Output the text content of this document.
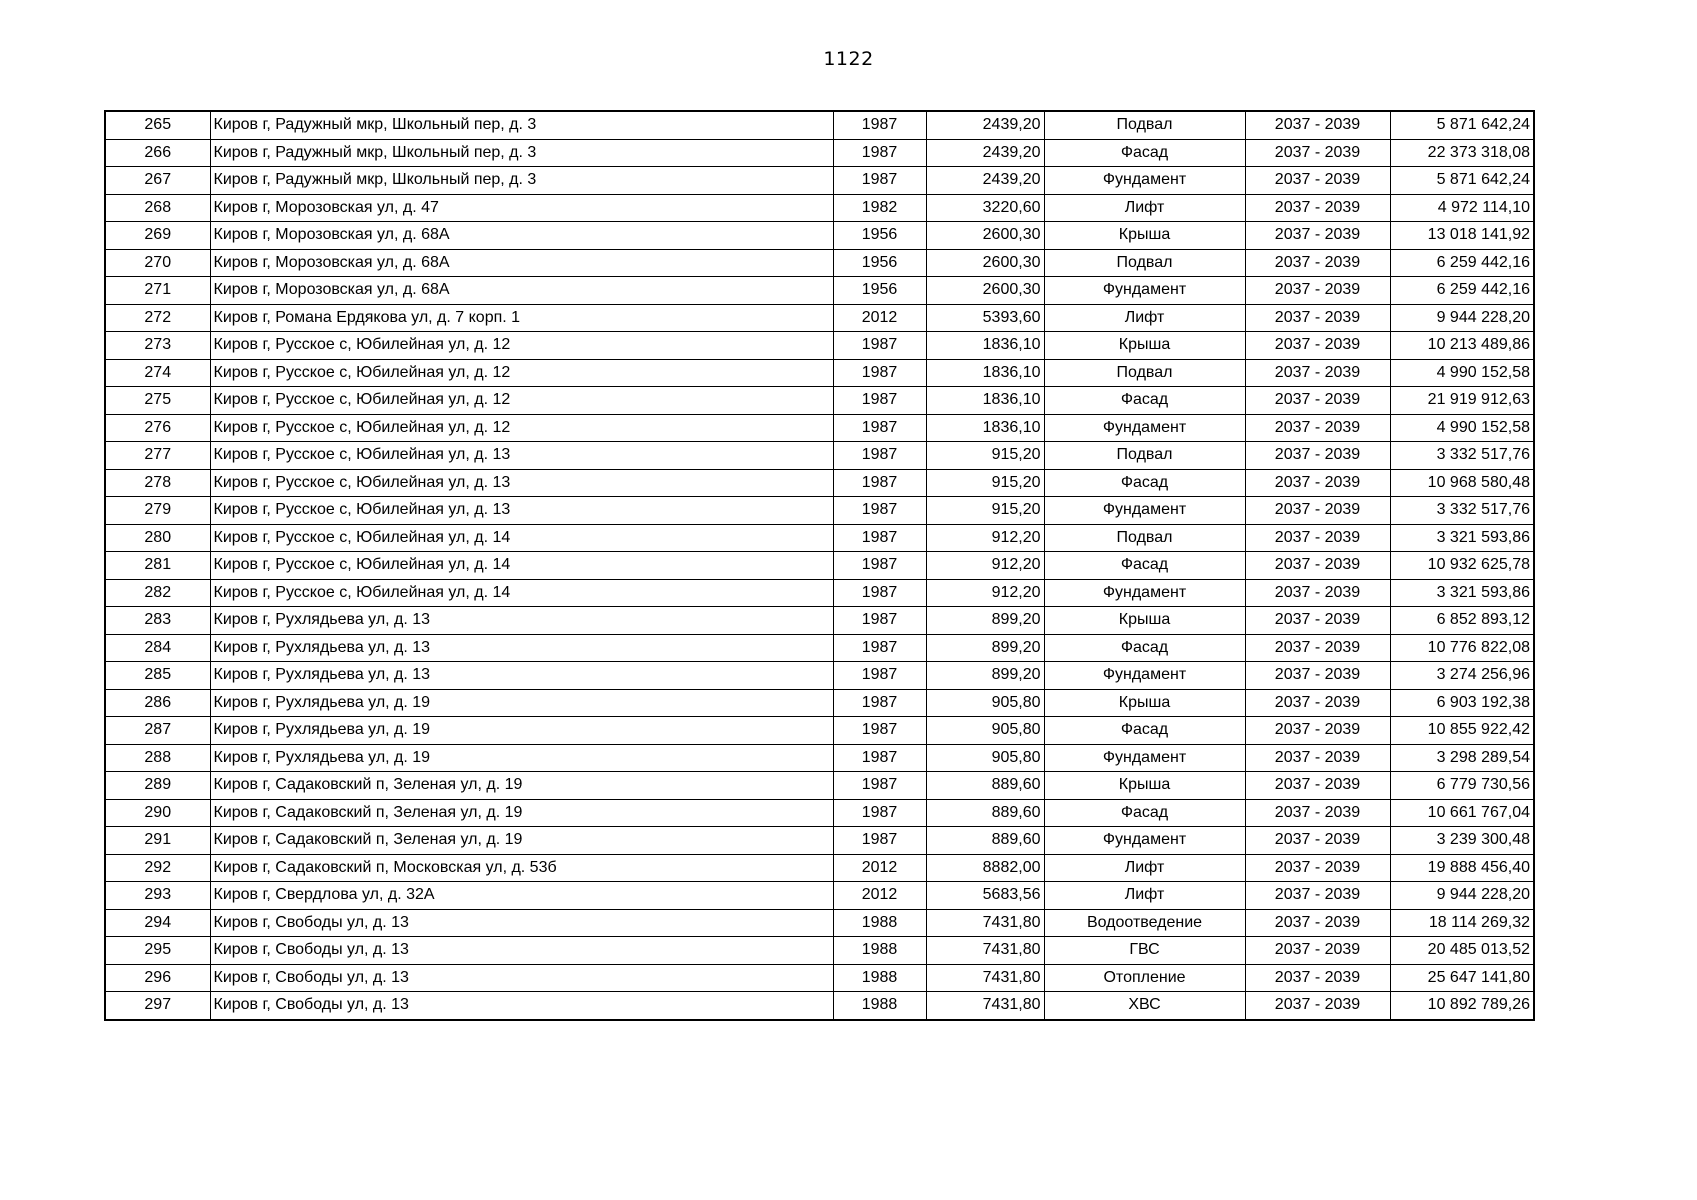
1122
265	Киров г, Радужный мкр, Школьный пер, д. 3	1987	2439,20	Подвал	2037 - 2039	5 871 642,24
266	Киров г, Радужный мкр, Школьный пер, д. 3	1987	2439,20	Фасад	2037 - 2039	22 373 318,08
267	Киров г, Радужный мкр, Школьный пер, д. 3	1987	2439,20	Фундамент	2037 - 2039	5 871 642,24
268	Киров г, Морозовская ул, д. 47	1982	3220,60	Лифт	2037 - 2039	4 972 114,10
269	Киров г, Морозовская ул, д. 68А	1956	2600,30	Крыша	2037 - 2039	13 018 141,92
270	Киров г, Морозовская ул, д. 68А	1956	2600,30	Подвал	2037 - 2039	6 259 442,16
271	Киров г, Морозовская ул, д. 68А	1956	2600,30	Фундамент	2037 - 2039	6 259 442,16
272	Киров г, Романа Ердякова ул, д. 7 корп. 1	2012	5393,60	Лифт	2037 - 2039	9 944 228,20
273	Киров г, Русское с, Юбилейная ул, д. 12	1987	1836,10	Крыша	2037 - 2039	10 213 489,86
274	Киров г, Русское с, Юбилейная ул, д. 12	1987	1836,10	Подвал	2037 - 2039	4 990 152,58
275	Киров г, Русское с, Юбилейная ул, д. 12	1987	1836,10	Фасад	2037 - 2039	21 919 912,63
276	Киров г, Русское с, Юбилейная ул, д. 12	1987	1836,10	Фундамент	2037 - 2039	4 990 152,58
277	Киров г, Русское с, Юбилейная ул, д. 13	1987	915,20	Подвал	2037 - 2039	3 332 517,76
278	Киров г, Русское с, Юбилейная ул, д. 13	1987	915,20	Фасад	2037 - 2039	10 968 580,48
279	Киров г, Русское с, Юбилейная ул, д. 13	1987	915,20	Фундамент	2037 - 2039	3 332 517,76
280	Киров г, Русское с, Юбилейная ул, д. 14	1987	912,20	Подвал	2037 - 2039	3 321 593,86
281	Киров г, Русское с, Юбилейная ул, д. 14	1987	912,20	Фасад	2037 - 2039	10 932 625,78
282	Киров г, Русское с, Юбилейная ул, д. 14	1987	912,20	Фундамент	2037 - 2039	3 321 593,86
283	Киров г, Рухлядьева ул, д. 13	1987	899,20	Крыша	2037 - 2039	6 852 893,12
284	Киров г, Рухлядьева ул, д. 13	1987	899,20	Фасад	2037 - 2039	10 776 822,08
285	Киров г, Рухлядьева ул, д. 13	1987	899,20	Фундамент	2037 - 2039	3 274 256,96
286	Киров г, Рухлядьева ул, д. 19	1987	905,80	Крыша	2037 - 2039	6 903 192,38
287	Киров г, Рухлядьева ул, д. 19	1987	905,80	Фасад	2037 - 2039	10 855 922,42
288	Киров г, Рухлядьева ул, д. 19	1987	905,80	Фундамент	2037 - 2039	3 298 289,54
289	Киров г, Садаковский п, Зеленая ул, д. 19	1987	889,60	Крыша	2037 - 2039	6 779 730,56
290	Киров г, Садаковский п, Зеленая ул, д. 19	1987	889,60	Фасад	2037 - 2039	10 661 767,04
291	Киров г, Садаковский п, Зеленая ул, д. 19	1987	889,60	Фундамент	2037 - 2039	3 239 300,48
292	Киров г, Садаковский п, Московская ул, д. 53б	2012	8882,00	Лифт	2037 - 2039	19 888 456,40
293	Киров г, Свердлова ул, д. 32А	2012	5683,56	Лифт	2037 - 2039	9 944 228,20
294	Киров г, Свободы ул, д. 13	1988	7431,80	Водоотведение	2037 - 2039	18 114 269,32
295	Киров г, Свободы ул, д. 13	1988	7431,80	ГВС	2037 - 2039	20 485 013,52
296	Киров г, Свободы ул, д. 13	1988	7431,80	Отопление	2037 - 2039	25 647 141,80
297	Киров г, Свободы ул, д. 13	1988	7431,80	ХВС	2037 - 2039	10 892 789,26
